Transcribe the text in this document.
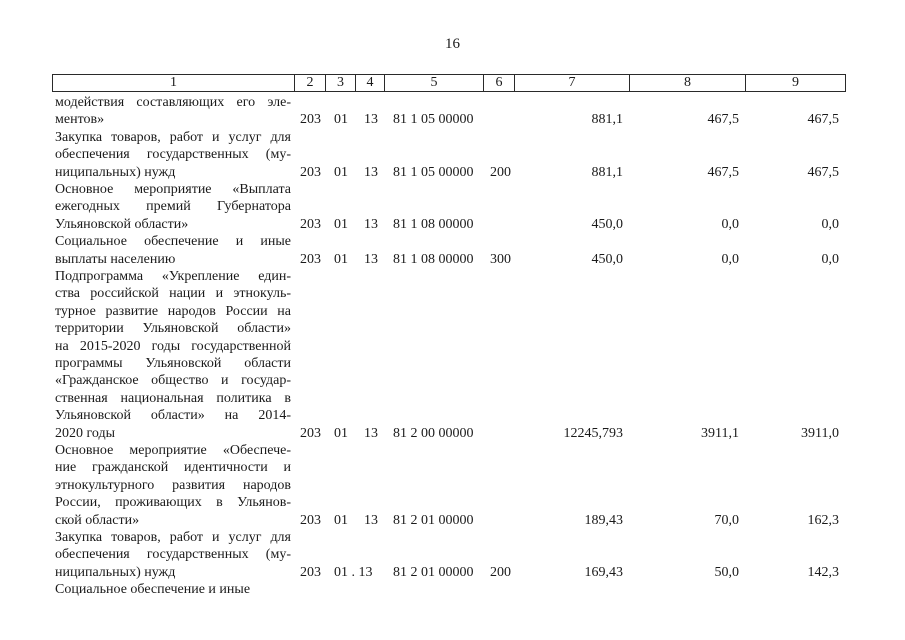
16
1	2	3	4	5	6	7	8	9
модействия составляющих его эле-
ментов»	203 01 13 81 1 05 00000	881,1	467,5	467,5
Закупка товаров, работ и услуг для
обеспечения государственных (му-
ниципальных) нужд	203 01 13 81 1 05 00000 200	881,1	467,5	467,5
Основное мероприятие «Выплата
ежегодных премий Губернатора
Ульяновской области»	203 01 13 81 1 08 00000	450,0	0,0	0,0
Социальное обеспечение и иные
выплаты населению	203 01 13 81 1 08 00000 300	450,0	0,0	0,0
Подпрограмма «Укрепление един-
ства российской нации и этнокуль-
турное развитие народов России на
территории Ульяновской области»
на 2015-2020 годы государственной
программы Ульяновской области
«Гражданское общество и государ-
ственная национальная политика в
Ульяновской области» на 2014-
2020 годы	203 01 13 81 2 00 00000	12245,793	3911,1	3911,0
Основное мероприятие «Обеспече-
ние гражданской идентичности и
этнокультурного развития народов
России, проживающих в Ульянов-
ской области»	203 01 13 81 2 01 00000	189,43	70,0	162,3
Закупка товаров, работ и услуг для
обеспечения государственных (му-
ниципальных) нужд	203 01 . 13 81 2 01 00000 200	169,43	50,0	142,3
Социальное обеспечение и иные
